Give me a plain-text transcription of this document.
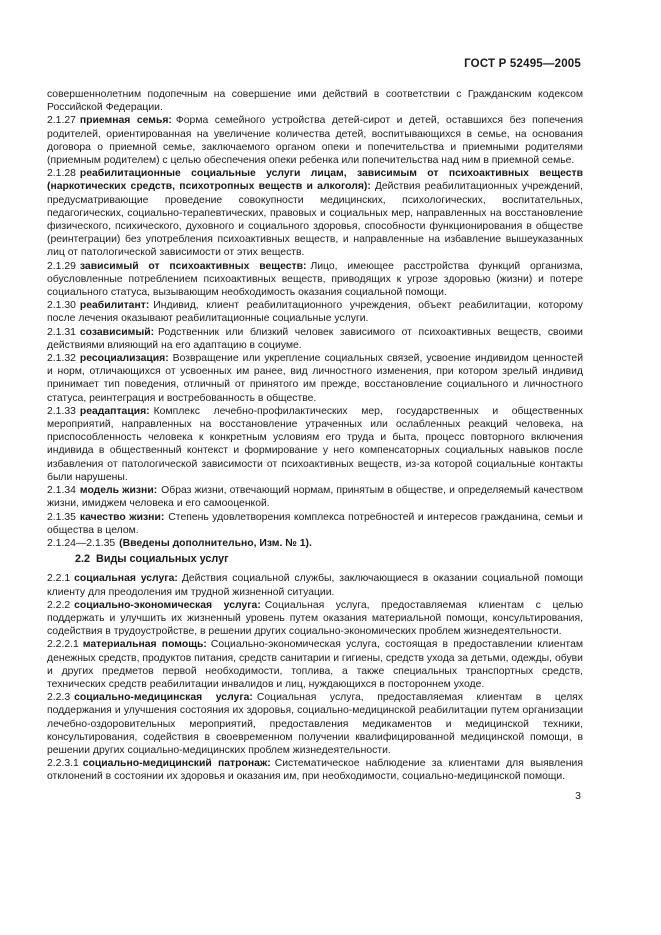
ГОСТ Р 52495—2005

совершеннолетним подопечным на совершение ими действий в соответствии с Гражданским кодексом Российской Федерации.

2.1.27 приемная семья: Форма семейного устройства детей-сирот и детей, оставшихся без попечения родителей, ориентированная на увеличение количества детей, воспитывающихся в семье, на основания договора о приемной семье, заключаемого органом опеки и попечительства и приемными родителями (приемным родителем) с целью обеспечения опеки ребенка или попечительства над ним в приемной семье.

2.1.28 реабилитационные социальные услуги лицам, зависимым от психоактивных веществ (наркотических средств, психотропных веществ и алкоголя): Действия реабилитационных учреждений, предусматривающие проведение совокупности медицинских, психологических, воспитательных, педагогических, социально-терапевтических, правовых и социальных мер, направленных на восстановление физического, психического, духовного и социального здоровья, способности функционирования в обществе (реинтеграции) без употребления психоактивных веществ, и направленные на избавление вышеуказанных лиц от патологической зависимости от этих веществ.

2.1.29 зависимый от психоактивных веществ: Лицо, имеющее расстройства функций организма, обусловленные потреблением психоактивных веществ, приводящих к угрозе здоровью (жизни) и потере социального статуса, вызывающим необходимость оказания социальной помощи.

2.1.30 реабилитант: Индивид, клиент реабилитационного учреждения, объект реабилитации, которому после лечения оказывают реабилитационные социальные услуги.

2.1.31 созависимый: Родственник или близкий человек зависимого от психоактивных веществ, своими действиями влияющий на его адаптацию в социуме.

2.1.32 ресоциализация: Возвращение или укрепление социальных связей, усвоение индивидом ценностей и норм, отличающихся от усвоенных им ранее, вид личностного изменения, при котором зрелый индивид принимает тип поведения, отличный от принятого им прежде, восстановление социального и личностного статуса, реинтеграция и востребованность в обществе.

2.1.33 реадаптация: Комплекс лечебно-профилактических мер, государственных и общественных мероприятий, направленных на восстановление утраченных или ослабленных реакций человека, на приспособленность человека к конкретным условиям его труда и быта, процесс повторного включения индивида в общественный контекст и формирование у него компенсаторных социальных навыков после избавления от патологической зависимости от психоактивных веществ, из-за которой социальные контакты были нарушены.

2.1.34 модель жизни: Образ жизни, отвечающий нормам, принятым в обществе, и определяемый качеством жизни, имиджем человека и его самооценкой.

2.1.35 качество жизни: Степень удовлетворения комплекса потребностей и интересов гражданина, семьи и общества в целом.

2.1.24—2.1.35 (Введены дополнительно, Изм. № 1).

2.2 Виды социальных услуг

2.2.1 социальная услуга: Действия социальной службы, заключающиеся в оказании социальной помощи клиенту для преодоления им трудной жизненной ситуации.

2.2.2 социально-экономическая услуга: Социальная услуга, предоставляемая клиентам с целью поддержать и улучшить их жизненный уровень путем оказания материальной помощи, консультирования, содействия в трудоустройстве, в решении других социально-экономических проблем жизнедеятельности.

2.2.2.1 материальная помощь: Социально-экономическая услуга, состоящая в предоставлении клиентам денежных средств, продуктов питания, средств санитарии и гигиены, средств ухода за детьми, одежды, обуви и других предметов первой необходимости, топлива, а также специальных транспортных средств, технических средств реабилитации инвалидов и лиц, нуждающихся в постороннем уходе.

2.2.3 социально-медицинская услуга: Социальная услуга, предоставляемая клиентам в целях поддержания и улучшения состояния их здоровья, социально-медицинской реабилитации путем организации лечебно-оздоровительных мероприятий, предоставления медикаментов и медицинской техники, консультирования, содействия в своевременном получении квалифицированной медицинской помощи, в решении других социально-медицинских проблем жизнедеятельности.

2.2.3.1 социально-медицинский патронаж: Систематическое наблюдение за клиентами для выявления отклонений в состоянии их здоровья и оказания им, при необходимости, социально-медицинской помощи.

3
